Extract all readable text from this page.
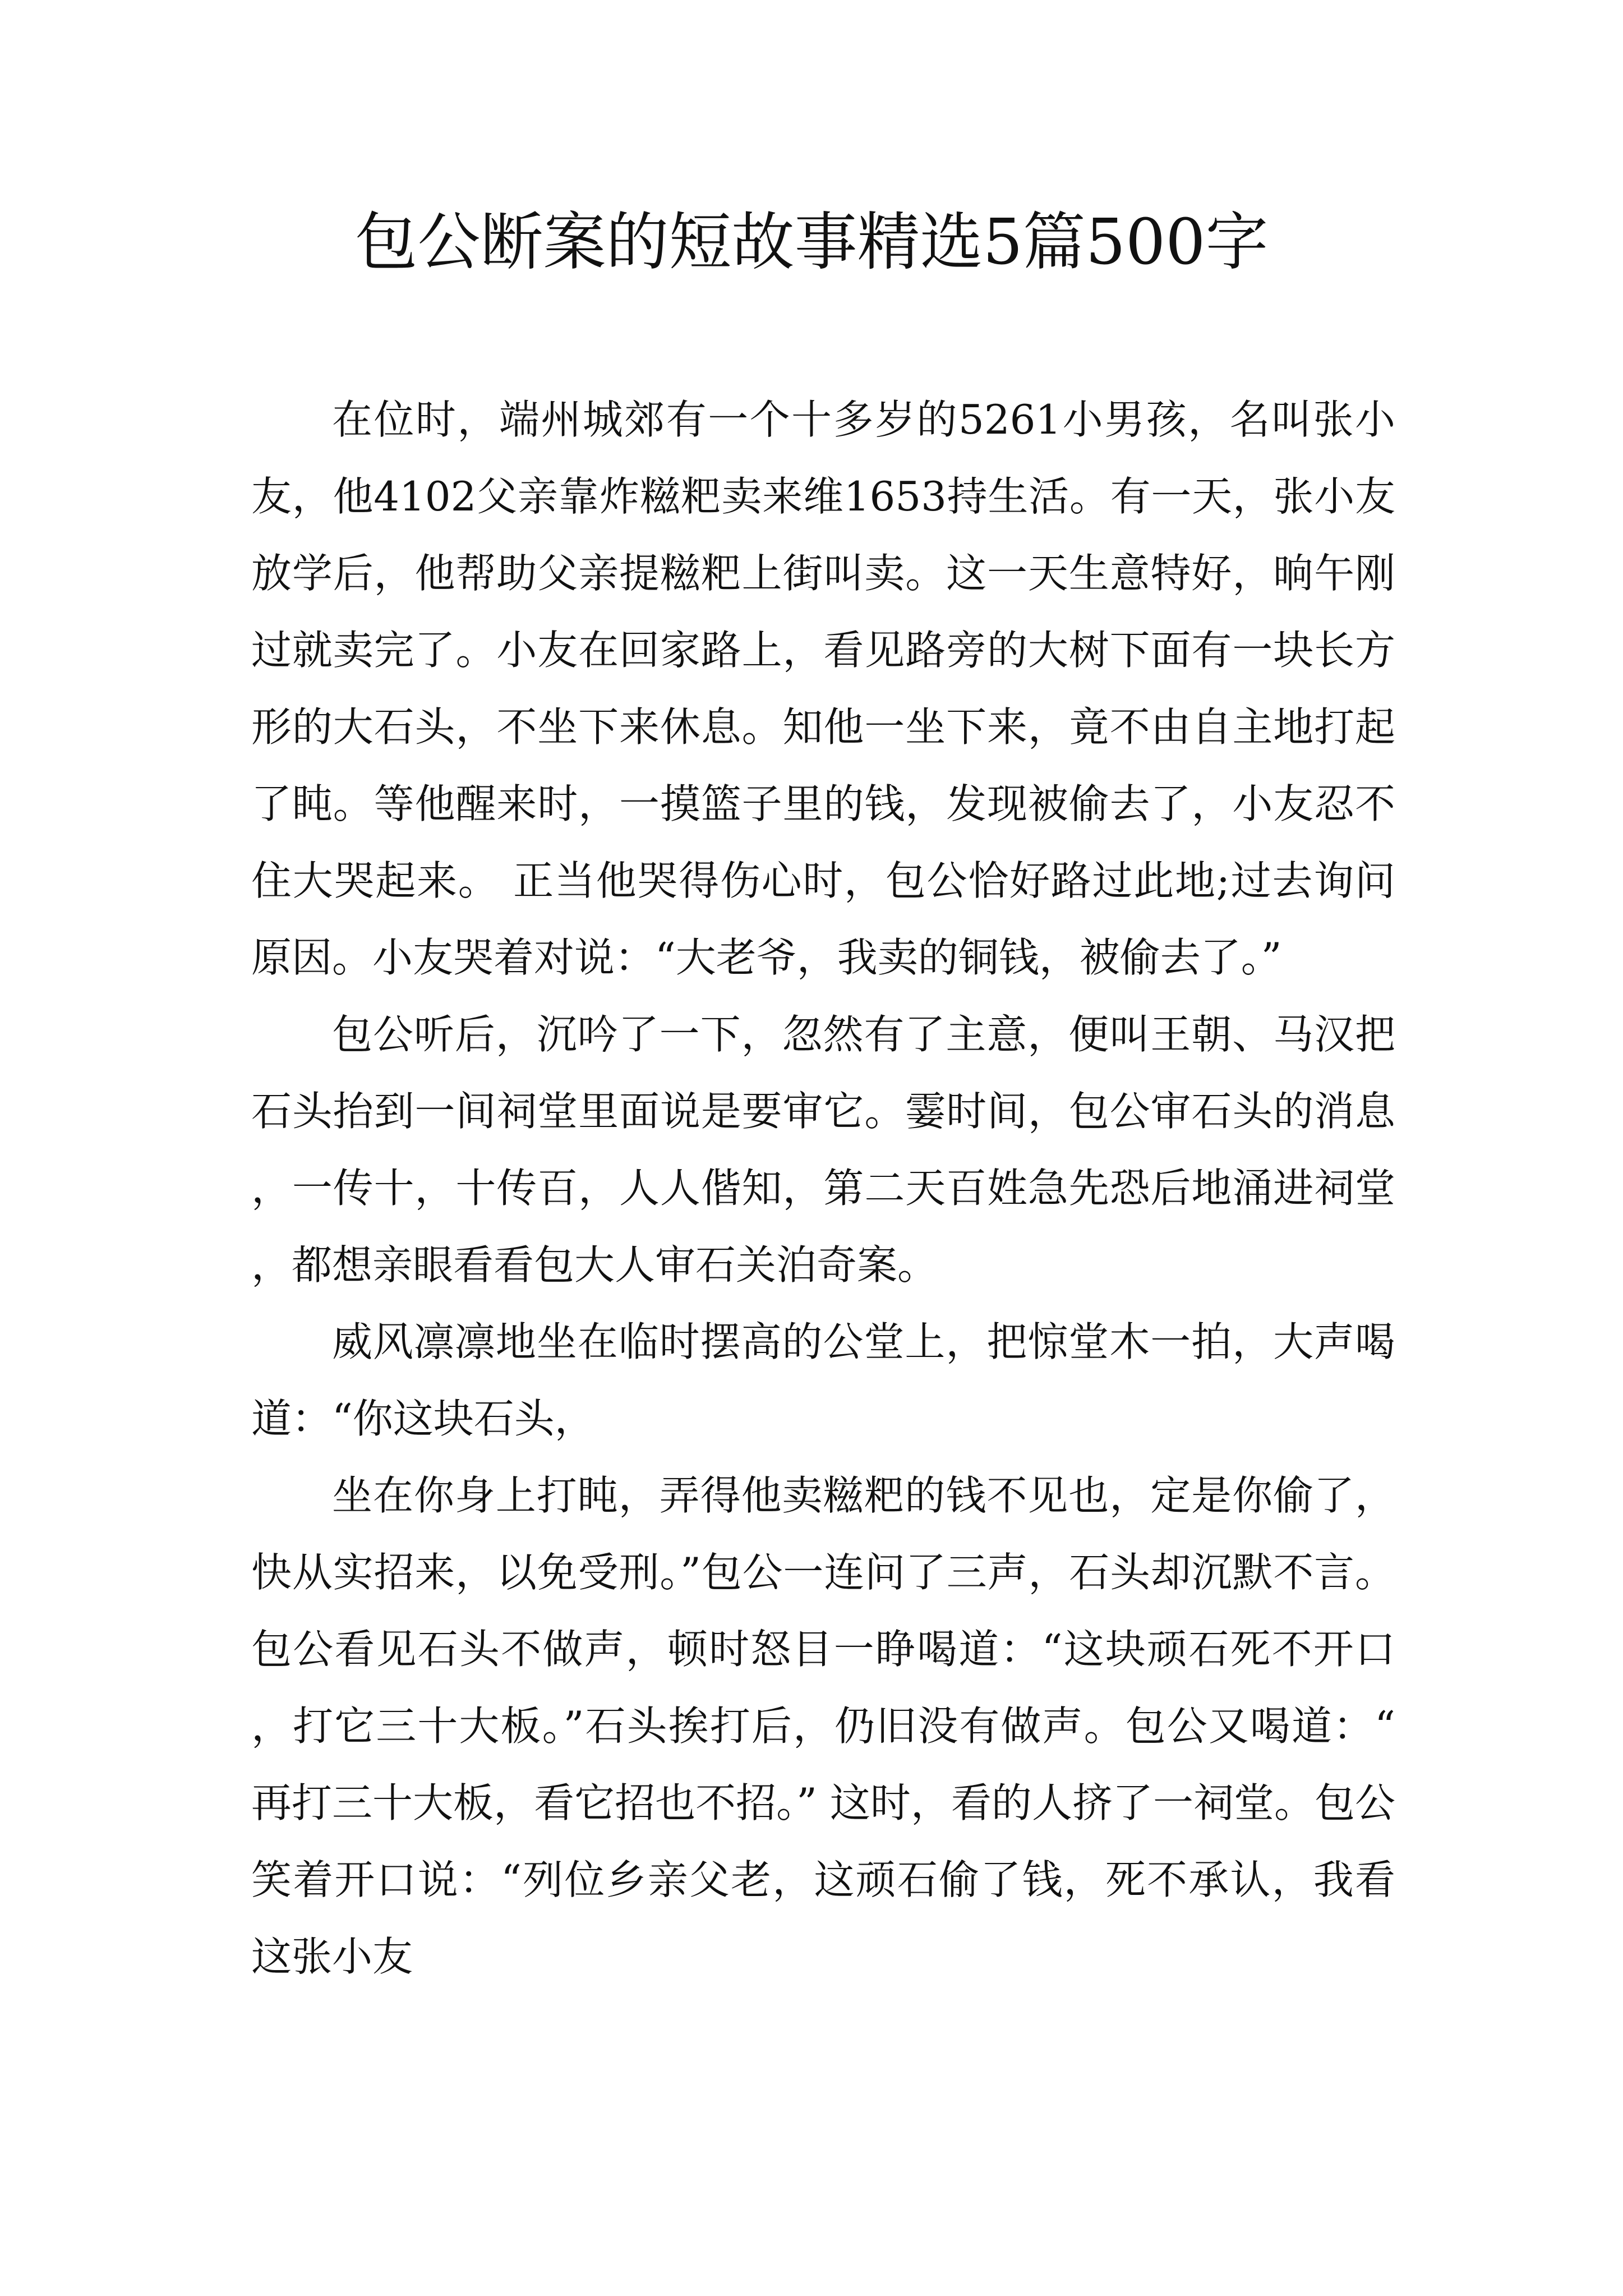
包公断案的短故事精选5篇500字

在位时，端州城郊有一个十多岁的5261小男孩，名叫张小友，他4102父亲靠炸糍粑卖来维1653持生活。有一天，张小友放学后，他帮助父亲提糍粑上街叫卖。这一天生意特好，晌午刚过就卖完了。小友在回家路上，看见路旁的大树下面有一块长方形的大石头，不坐下来休息。知他一坐下来，竟不由自主地打起了盹。等他醒来时，一摸篮子里的钱，发现被偷去了，小友忍不住大哭起来。 正当他哭得伤心时，包公恰好路过此地;过去询问原因。小友哭着对说：“大老爷，我卖的铜钱，被偷去了。”

包公听后，沉吟了一下，忽然有了主意，便叫王朝、马汉把石头抬到一间祠堂里面说是要审它。霎时间，包公审石头的消息，一传十，十传百，人人偕知，第二天百姓急先恐后地涌进祠堂，都想亲眼看看包大人审石关泊奇案。

威风凛凛地坐在临时摆高的公堂上，把惊堂木一拍，大声喝道：“你这块石头，

坐在你身上打盹，弄得他卖糍粑的钱不见也，定是你偷了，快从实招来，以免受刑。”包公一连问了三声，石头却沉默不言。包公看见石头不做声，顿时怒目一睁喝道：“这块顽石死不开口，打它三十大板。”石头挨打后，仍旧没有做声。包公又喝道：“再打三十大板，看它招也不招。” 这时，看的人挤了一祠堂。包公笑着开口说：“列位乡亲父老，这顽石偷了钱，死不承认，我看这张小友
